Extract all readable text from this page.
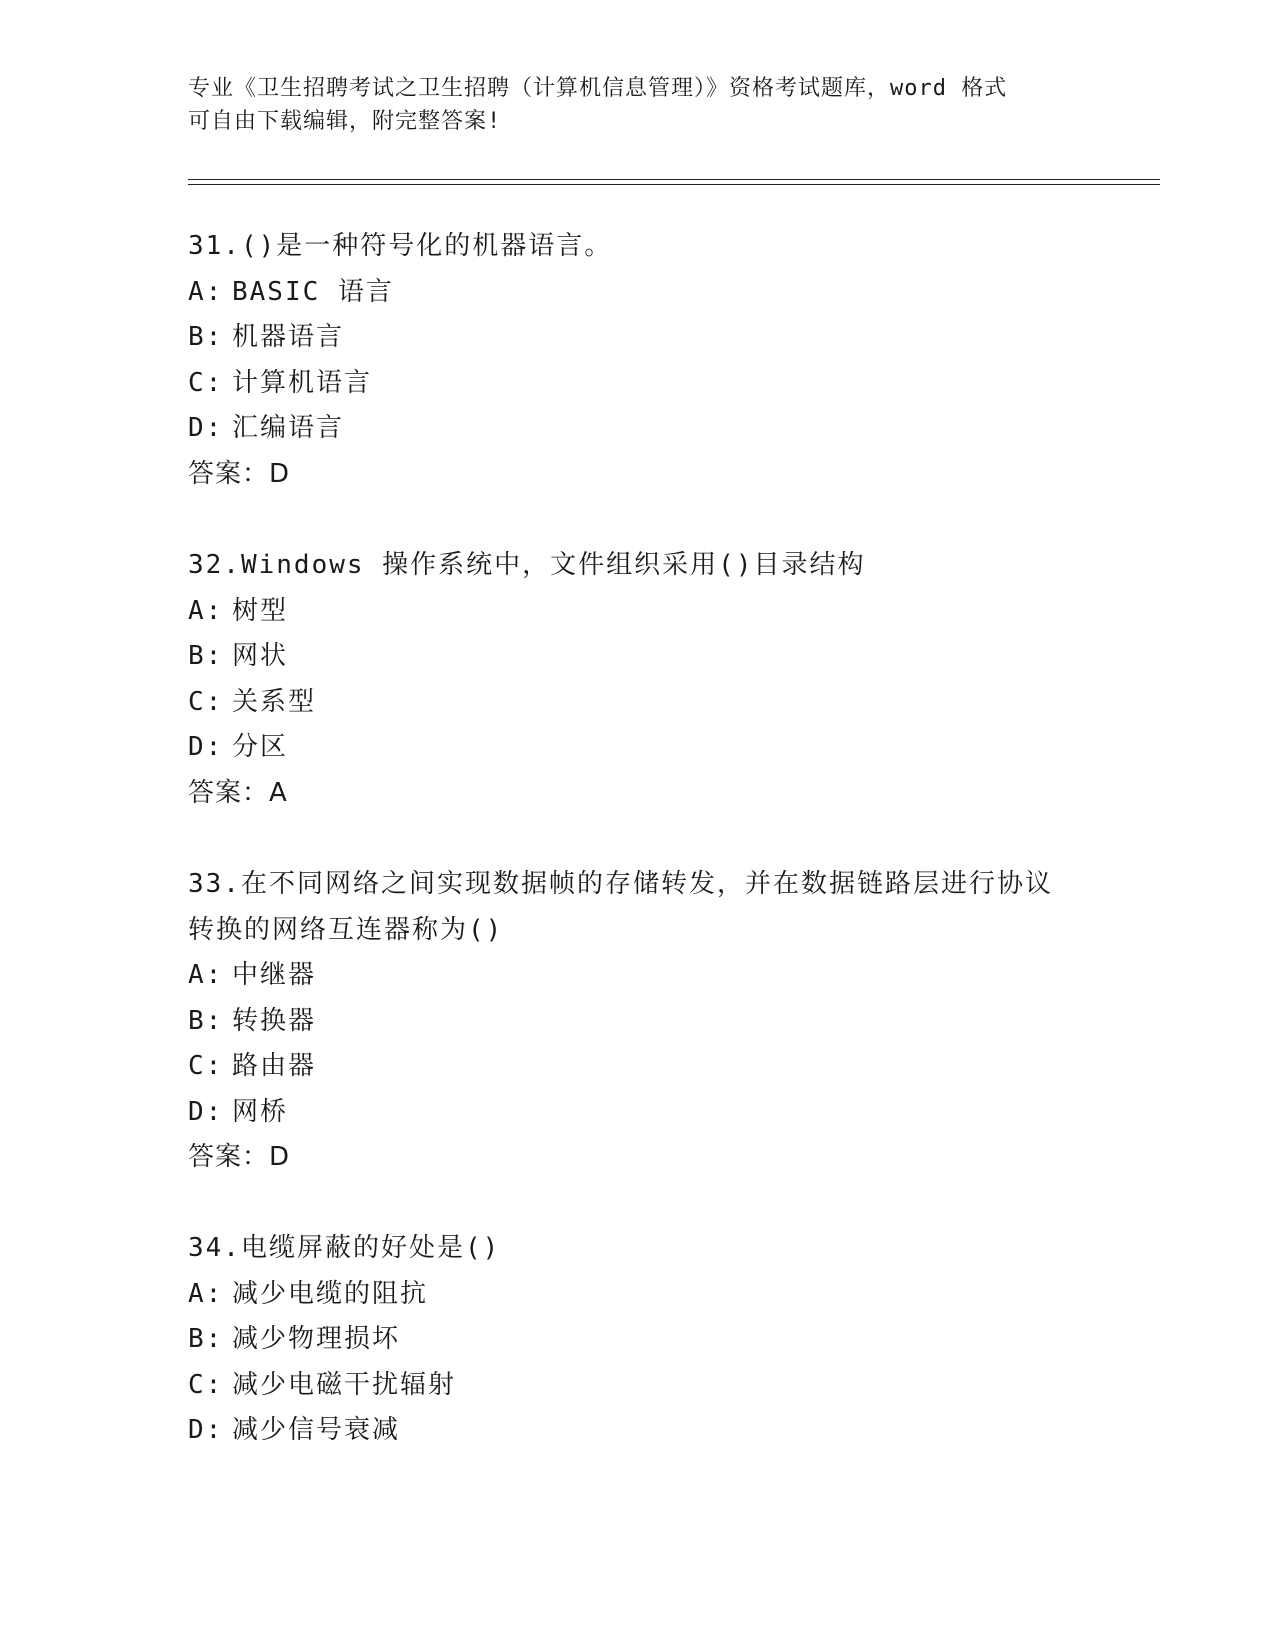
专业《卫生招聘考试之卫生招聘（计算机信息管理）》资格考试题库，word 格式
可自由下载编辑，附完整答案!
31.()是一种符号化的机器语言。
A: BASIC 语言
B: 机器语言
C: 计算机语言
D: 汇编语言
答案：D
32.Windows 操作系统中，文件组织采用()目录结构
A: 树型
B: 网状
C: 关系型
D: 分区
答案：A
33.在不同网络之间实现数据帧的存储转发，并在数据链路层进行协议
转换的网络互连器称为()
A: 中继器
B: 转换器
C: 路由器
D: 网桥
答案：D
34.电缆屏蔽的好处是()
A: 减少电缆的阻抗
B: 减少物理损坏
C: 减少电磁干扰辐射
D: 减少信号衰减
